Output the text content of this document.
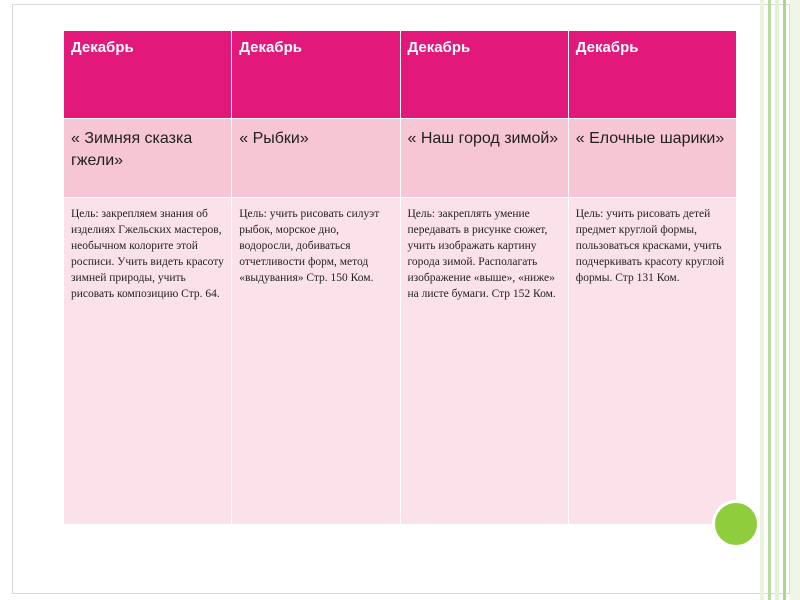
Декабрь	Декабрь	Декабрь	Декабрь
« Зимняя сказка гжели»	« Рыбки»	« Наш город зимой»	« Елочные шарики»
Цель: закрепляем знания об изделиях Гжельских мастеров, необычном колорите этой росписи. Учить видеть красоту зимней природы, учить рисовать композицию Стр. 64.	Цель: учить рисовать силуэт рыбок, морское дно, водоросли, добиваться отчетливости форм, метод «выдувания» Стр. 150 Ком.	Цель: закреплять умение передавать в рисунке сюжет, учить изображать картину города зимой. Располагать изображение «выше», «ниже» на листе бумаги. Стр 152 Ком.	Цель: учить рисовать детей предмет круглой формы, пользоваться красками, учить подчеркивать красоту круглой формы. Стр 131 Ком.
